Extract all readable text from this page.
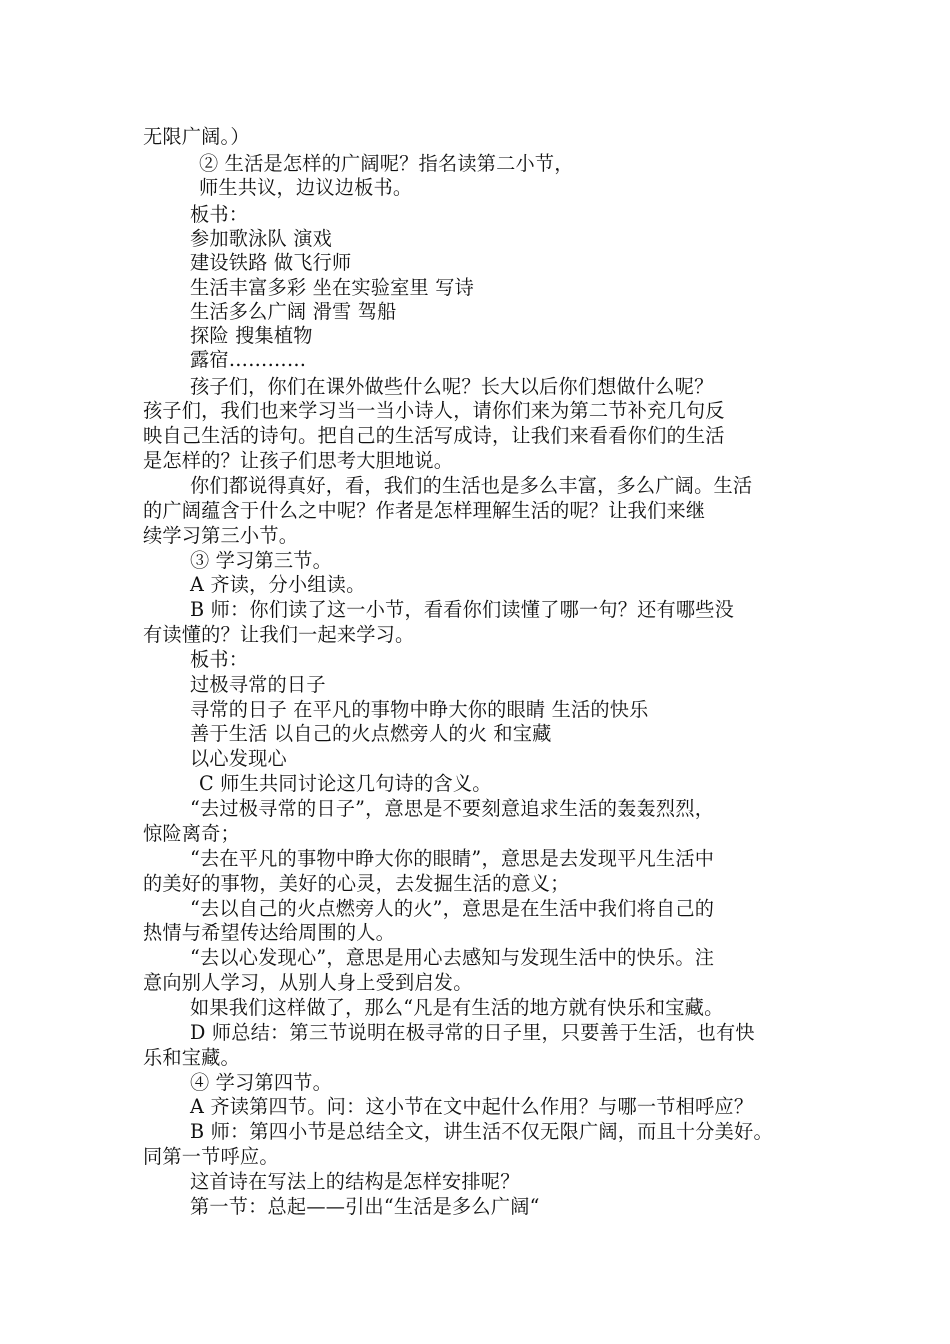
无限广阔。）
② 生活是怎样的广阔呢？指名读第二小节，
师生共议，边议边板书。
板书：
参加歌泳队 演戏
建设铁路 做飞行师
生活丰富多彩 坐在实验室里 写诗
生活多么广阔 滑雪 驾船
探险 搜集植物
露宿…………
孩子们，你们在课外做些什么呢？长大以后你们想做什么呢？
孩子们，我们也来学习当一当小诗人，请你们来为第二节补充几句反
映自己生活的诗句。把自己的生活写成诗，让我们来看看你们的生活
是怎样的？让孩子们思考大胆地说。
你们都说得真好，看，我们的生活也是多么丰富，多么广阔。生活
的广阔蕴含于什么之中呢？作者是怎样理解生活的呢？让我们来继
续学习第三小节。
③ 学习第三节。
A 齐读，分小组读。
B 师：你们读了这一小节，看看你们读懂了哪一句？还有哪些没
有读懂的？让我们一起来学习。
板书：
过极寻常的日子
寻常的日子 在平凡的事物中睁大你的眼睛 生活的快乐
善于生活 以自己的火点燃旁人的火 和宝藏
以心发现心
C 师生共同讨论这几句诗的含义。
“去过极寻常的日子”，意思是不要刻意追求生活的轰轰烈烈，
惊险离奇；
“去在平凡的事物中睁大你的眼睛”，意思是去发现平凡生活中
的美好的事物，美好的心灵，去发掘生活的意义；
“去以自己的火点燃旁人的火”，意思是在生活中我们将自己的
热情与希望传达给周围的人。
“去以心发现心”，意思是用心去感知与发现生活中的快乐。注
意向别人学习，从别人身上受到启发。
如果我们这样做了，那么“凡是有生活的地方就有快乐和宝藏。
D 师总结：第三节说明在极寻常的日子里，只要善于生活，也有快
乐和宝藏。
④ 学习第四节。
A 齐读第四节。问：这小节在文中起什么作用？与哪一节相呼应？
B 师：第四小节是总结全文，讲生活不仅无限广阔，而且十分美好。
同第一节呼应。
这首诗在写法上的结构是怎样安排呢？
第一节：总起——引出“生活是多么广阔“
